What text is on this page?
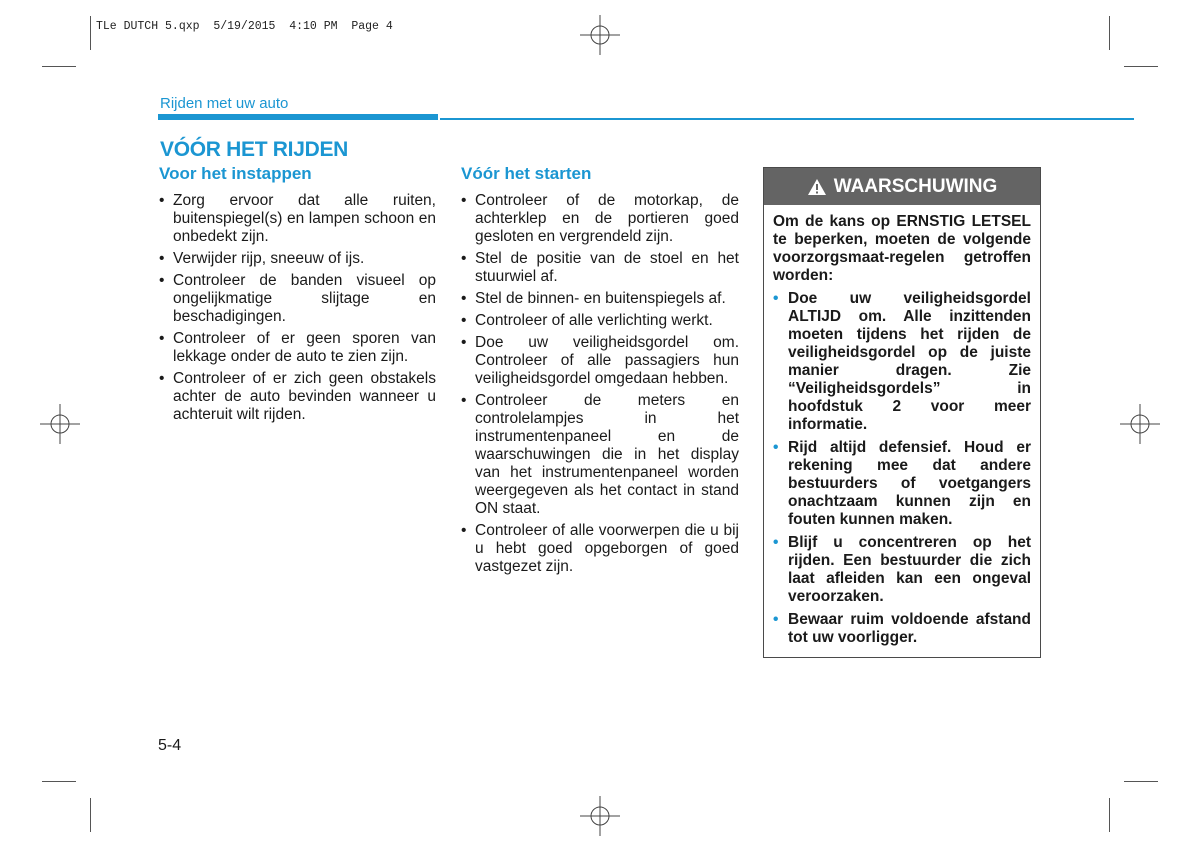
TLe DUTCH 5.qxp  5/19/2015  4:10 PM  Page 4
Rijden met uw auto
VÓÓR HET RIJDEN
Voor het instappen
• Zorg ervoor dat alle ruiten, buitenspiegel(s) en lampen schoon en onbedekt zijn.
• Verwijder rijp, sneeuw of ijs.
• Controleer de banden visueel op ongelijkmatige slijtage en beschadigingen.
• Controleer of er geen sporen van lekkage onder de auto te zien zijn.
• Controleer of er zich geen obstakels achter de auto bevinden wanneer u achteruit wilt rijden.
Vóór het starten
• Controleer of de motorkap, de achterklep en de portieren goed gesloten en vergrendeld zijn.
• Stel de positie van de stoel en het stuurwiel af.
• Stel de binnen- en buitenspiegels af.
• Controleer of alle verlichting werkt.
• Doe uw veiligheidsgordel om. Controleer of alle passagiers hun veiligheidsgordel omgedaan hebben.
• Controleer de meters en controlelampjes in het instrumentenpaneel en de waarschuwingen die in het display van het instrumentenpaneel worden weergegeven als het contact in stand ON staat.
• Controleer of alle voorwerpen die u bij u hebt goed opgeborgen of goed vastgezet zijn.
WAARSCHUWING
Om de kans op ERNSTIG LETSEL te beperken, moeten de volgende voorzorgsmaat-regelen getroffen worden:
• Doe uw veiligheidsgordel ALTIJD om. Alle inzittenden moeten tijdens het rijden de veiligheidsgordel op de juiste manier dragen. Zie “Veiligheidsgordels” in hoofdstuk 2 voor meer informatie.
• Rijd altijd defensief. Houd er rekening mee dat andere bestuurders of voetgangers onachtzaam kunnen zijn en fouten kunnen maken.
• Blijf u concentreren op het rijden. Een bestuurder die zich laat afleiden kan een ongeval veroorzaken.
• Bewaar ruim voldoende afstand tot uw voorligger.
5-4
